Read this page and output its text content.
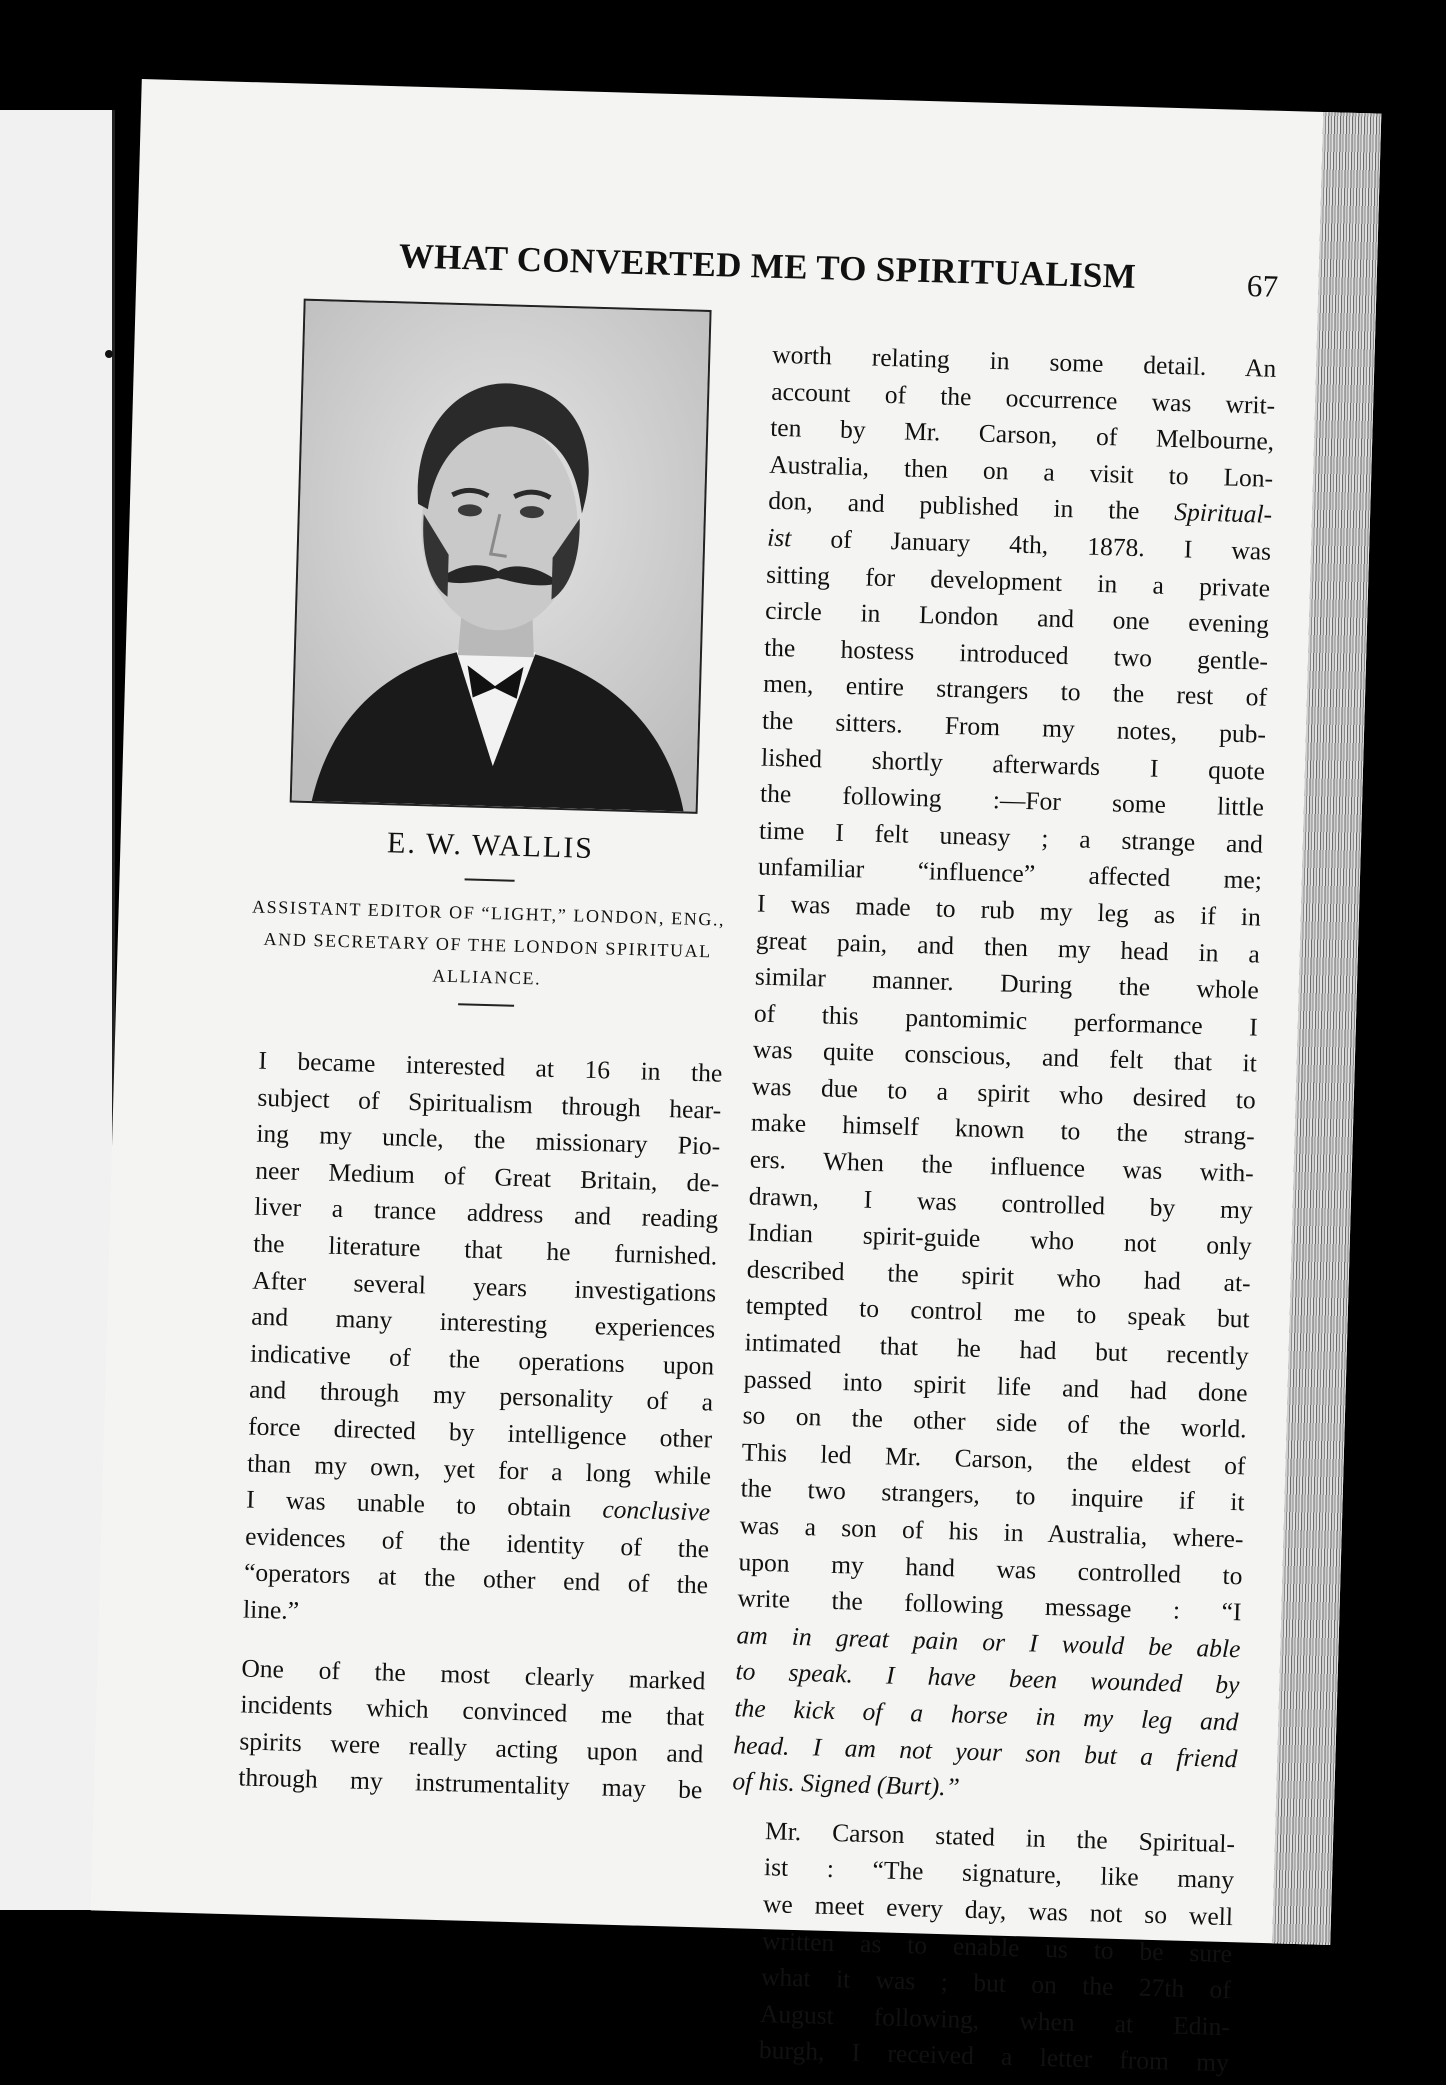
WHAT CONVERTED ME TO SPIRITUALISM	67
E. W. WALLIS
ASSISTANT EDITOR OF “LIGHT,” LONDON, ENG., AND SECRETARY OF THE LONDON SPIRITUAL ALLIANCE.

I became interested at 16 in the
subject of Spiritualism through hear-
ing my uncle, the missionary Pio-
neer Medium of Great Britain, de-
liver a trance address and reading
the literature that he furnished.
After several years investigations
and many interesting experiences
indicative of the operations upon
and through my personality of a
force directed by intelligence other
than my own, yet for a long while
I was unable to obtain conclusive
evidences of the identity of the
“operators at the other end of the
line.”

One of the most clearly marked
incidents which convinced me that
spirits were really acting upon and
through my instrumentality may be

worth relating in some detail. An
account of the occurrence was writ-
ten by Mr. Carson, of Melbourne,
Australia, then on a visit to Lon-
don, and published in the Spiritual-
ist of January 4th, 1878. I was
sitting for development in a private
circle in London and one evening
the hostess introduced two gentle-
men, entire strangers to the rest of
the sitters. From my notes, pub-
lished shortly afterwards I quote
the following :—For some little
time I felt uneasy ; a strange and
unfamiliar “influence” affected me;
I was made to rub my leg as if in
great pain, and then my head in a
similar manner. During the whole
of this pantomimic performance I
was quite conscious, and felt that it
was due to a spirit who desired to
make himself known to the strang-
ers. When the influence was with-
drawn, I was controlled by my
Indian spirit-guide who not only
described the spirit who had at-
tempted to control me to speak but
intimated that he had but recently
passed into spirit life and had done
so on the other side of the world.
This led Mr. Carson, the eldest of
the two strangers, to inquire if it
was a son of his in Australia, where-
upon my hand was controlled to
write the following message : “I
am in great pain or I would be able
to speak. I have been wounded by
the kick of a horse in my leg and
head. I am not your son but a friend
of his. Signed (Burt).”

Mr. Carson stated in the Spiritual-
ist : “The signature, like many
we meet every day, was not so well
written as to enable us to be sure
what it was ; but on the 27th of
August following, when at Edin-
burgh, I received a letter from my
